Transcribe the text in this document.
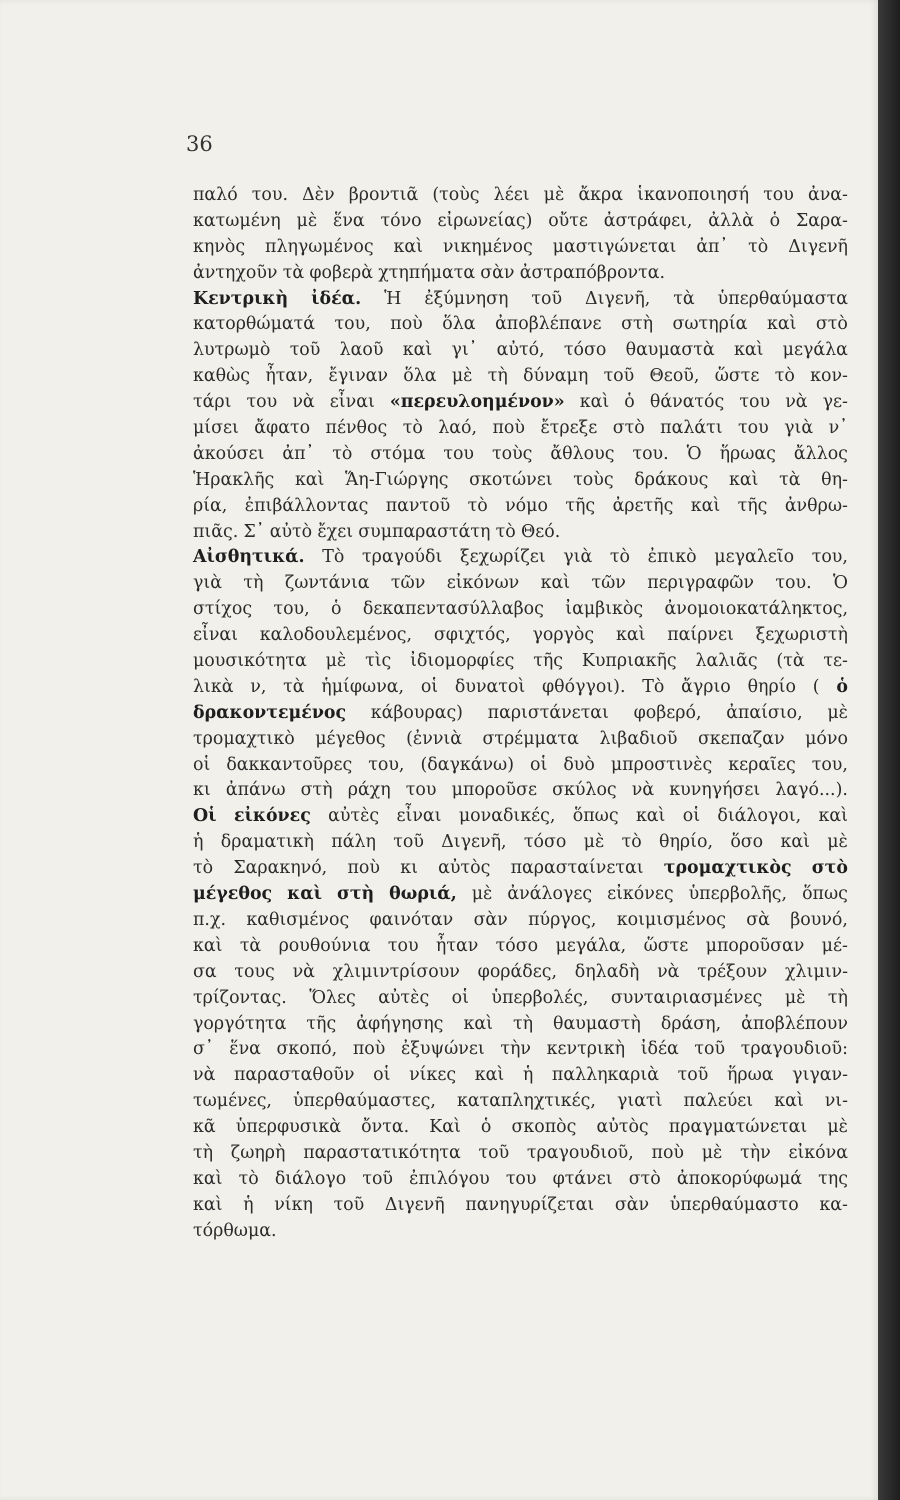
36
παλό του. Δὲν βροντιᾶ (τοὺς λέει μὲ ἄκρα ἱκανοποιησή του ἀνα-
κατωμένη μὲ ἕνα τόνο εἰρωνείας) οὔτε ἀστράφει, ἀλλὰ ὁ Σαρα-
κηνὸς πληγωμένος καὶ νικημένος μαστιγώνεται ἀπ᾿ τὸ Διγενῆ
ἀντηχοῦν τὰ φοβερὰ χτηπήματα σὰν ἀστραπόβροντα.
Κεντρικὴ ἰδέα. Ἡ ἐξύμνηση τοῦ Διγενῆ, τὰ ὑπερθαύμαστα
κατορθώματά του, ποὺ ὅλα ἀποβλέπανε στὴ σωτηρία καὶ στὸ
λυτρωμὸ τοῦ λαοῦ καὶ γι᾿ αὐτό, τόσο θαυμαστὰ καὶ μεγάλα
καθὼς ἦταν, ἔγιναν ὅλα μὲ τὴ δύναμη τοῦ Θεοῦ, ὥστε τὸ κον-
τάρι του νὰ εἶναι «περευλοημένον» καὶ ὁ θάνατός του νὰ γε-
μίσει ἄφατο πένθος τὸ λαό, ποὺ ἔτρεξε στὸ παλάτι του γιὰ ν᾿
ἀκούσει ἀπ᾿ τὸ στόμα του τοὺς ἄθλους του. Ὁ ἥρωας ἄλλος
Ἡρακλῆς καὶ Ἅη-Γιώργης σκοτώνει τοὺς δράκους καὶ τὰ θη-
ρία, ἐπιβάλλοντας παντοῦ τὸ νόμο τῆς ἀρετῆς καὶ τῆς ἀνθρω-
πιᾶς. Σ᾿ αὐτὸ ἔχει συμπαραστάτη τὸ Θεό.
Αἰσθητικά. Τὸ τραγούδι ξεχωρίζει γιὰ τὸ ἐπικὸ μεγαλεῖο του,
γιὰ τὴ ζωντάνια τῶν εἰκόνων καὶ τῶν περιγραφῶν του. Ὁ
στίχος του, ὁ δεκαπεντασύλλαβος ἰαμβικὸς ἀνομοιοκατάληκτος,
εἶναι καλοδουλεμένος, σφιχτός, γοργὸς καὶ παίρνει ξεχωριστὴ
μουσικότητα μὲ τὶς ἰδιομορφίες τῆς Κυπριακῆς λαλιᾶς (τὰ τε-
λικὰ ν, τὰ ἡμίφωνα, οἱ δυνατοὶ φθόγγοι). Τὸ ἄγριο θηρίο ( ὁ
δρακοντεμένος κάβουρας) παριστάνεται φοβερό, ἀπαίσιο, μὲ
τρομαχτικὸ μέγεθος (ἐννιὰ στρέμματα λιβαδιοῦ σκεπαζαν μόνο
οἱ δακκαντοῦρες του, (δαγκάνω) οἱ δυὸ μπροστινὲς κεραῖες του,
κι ἀπάνω στὴ ράχη του μποροῦσε σκύλος νὰ κυνηγήσει λαγό...).
Οἱ εἰκόνες αὐτὲς εἶναι μοναδικές, ὅπως καὶ οἱ διάλογοι, καὶ
ἡ δραματικὴ πάλη τοῦ Διγενῆ, τόσο μὲ τὸ θηρίο, ὅσο καὶ μὲ
τὸ Σαρακηνό, ποὺ κι αὐτὸς παρασταίνεται τρομαχτικὸς στὸ
μέγεθος καὶ στὴ θωριά, μὲ ἀνάλογες εἰκόνες ὑπερβολῆς, ὅπως
π.χ. καθισμένος φαινόταν σὰν πύργος, κοιμισμένος σὰ βουνό,
καὶ τὰ ρουθούνια του ἦταν τόσο μεγάλα, ὥστε μποροῦσαν μέ-
σα τους νὰ χλιμιντρίσουν φοράδες, δηλαδὴ νὰ τρέξουν χλιμιν-
τρίζοντας. Ὅλες αὐτὲς οἱ ὑπερβολές, συνταιριασμένες μὲ τὴ
γοργότητα τῆς ἀφήγησης καὶ τὴ θαυμαστὴ δράση, ἀποβλέπουν
σ᾿ ἕνα σκοπό, ποὺ ἐξυψώνει τὴν κεντρικὴ ἰδέα τοῦ τραγουδιοῦ:
νὰ παρασταθοῦν οἱ νίκες καὶ ἡ παλληκαριὰ τοῦ ἥρωα γιγαν-
τωμένες, ὑπερθαύμαστες, καταπληχτικές, γιατὶ παλεύει καὶ νι-
κᾶ ὑπερφυσικὰ ὄντα. Καὶ ὁ σκοπὸς αὐτὸς πραγματώνεται μὲ
τὴ ζωηρὴ παραστατικότητα τοῦ τραγουδιοῦ, ποὺ μὲ τὴν εἰκόνα
καὶ τὸ διάλογο τοῦ ἐπιλόγου του φτάνει στὸ ἀποκορύφωμά της
καὶ ἡ νίκη τοῦ Διγενῆ πανηγυρίζεται σὰν ὑπερθαύμαστο κα-
τόρθωμα.
